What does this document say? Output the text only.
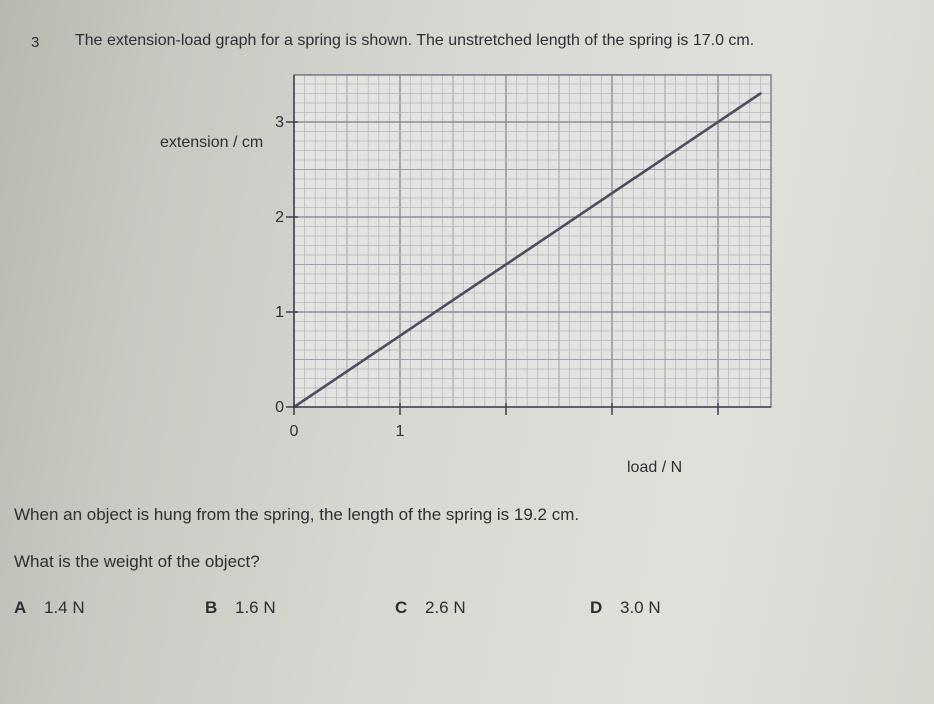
3 The extension-load graph for a spring is shown. The unstretched length of the spring is 17.0 cm.
0
1
2
3
0	1
extension / cm
load / N
When an object is hung from the spring, the length of the spring is 19.2 cm.
What is the weight of the object?
A 1.4 N	B 1.6 N	C 2.6 N	D 3.0 N
